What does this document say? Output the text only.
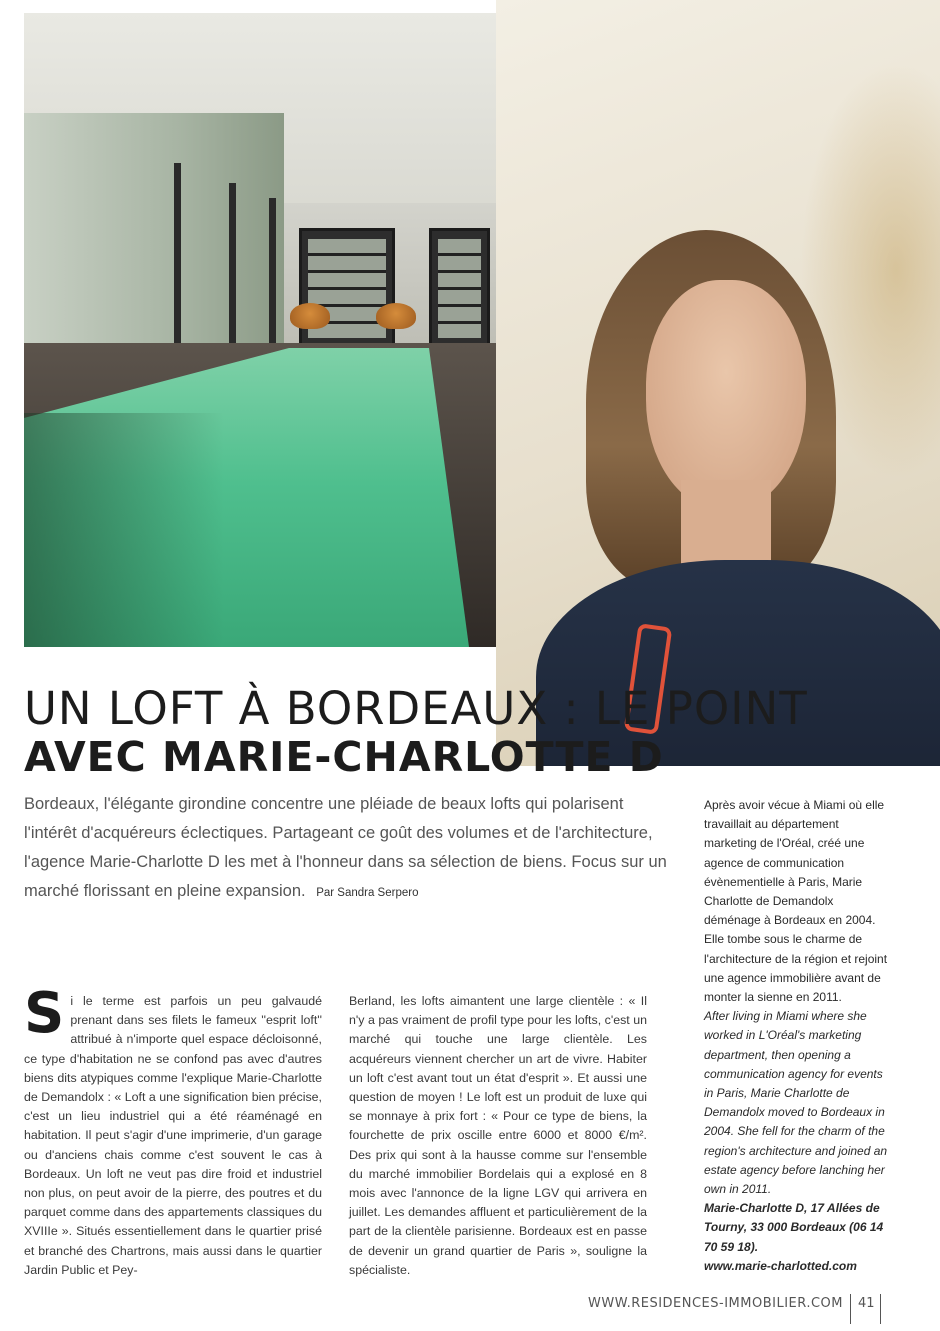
UN LOFT À BORDEAUX : LE POINT
AVEC MARIE-CHARLOTTE D
Bordeaux, l'élégante girondine concentre une pléiade de beaux lofts qui polarisent l'intérêt d'acquéreurs éclectiques. Partageant ce goût des volumes et de l'architecture, l'agence Marie-Charlotte D les met à l'honneur dans sa sélection de biens. Focus sur un marché florissant en pleine expansion. Par Sandra Serpero

Après avoir vécue à Miami où elle travaillait au département marketing de l'Oréal, créé une agence de communication évènementielle à Paris, Marie Charlotte de Demandolx déménage à Bordeaux en 2004. Elle tombe sous le charme de l'architecture de la région et rejoint une agence immobilière avant de monter la sienne en 2011.

After living in Miami where she worked in L'Oréal's marketing department, then opening a communication agency for events in Paris, Marie Charlotte de Demandolx moved to Bordeaux in 2004. She fell for the charm of the region's architecture and joined an estate agency before lanching her own in 2011.

Marie-Charlotte D, 17 Allées de Tourny, 33 000 Bordeaux (06 14 70 59 18).

www.marie-charlotted.com

Si le terme est parfois un peu galvaudé prenant dans ses filets le fameux ''esprit loft'' attribué à n'importe quel espace décloisonné, ce type d'habitation ne se confond pas avec d'autres biens dits atypiques comme l'explique Marie-Charlotte de Demandolx : « Loft a une signification bien précise, c'est un lieu industriel qui a été réaménagé en habitation. Il peut s'agir d'une imprimerie, d'un garage ou d'anciens chais comme c'est souvent le cas à Bordeaux. Un loft ne veut pas dire froid et industriel non plus, on peut avoir de la pierre, des poutres et du parquet comme dans des appartements classiques du XVIIIe ». Situés essentiellement dans le quartier prisé et branché des Chartrons, mais aussi dans le quartier Jardin Public et Pey-

Berland, les lofts aimantent une large clientèle : « Il n'y a pas vraiment de profil type pour les lofts, c'est un marché qui touche une large clientèle. Les acquéreurs viennent chercher un art de vivre. Habiter un loft c'est avant tout un état d'esprit ». Et aussi une question de moyen ! Le loft est un produit de luxe qui se monnaye à prix fort : « Pour ce type de biens, la fourchette de prix oscille entre 6000 et 8000 €/m². Des prix qui sont à la hausse comme sur l'ensemble du marché immobilier Bordelais qui a explosé en 8 mois avec l'annonce de la ligne LGV qui arrivera en juillet. Les demandes affluent et particulièrement de la part de la clientèle parisienne. Bordeaux est en passe de devenir un grand quartier de Paris », souligne la spécialiste.

WWW.RESIDENCES-IMMOBILIER.COM 41
